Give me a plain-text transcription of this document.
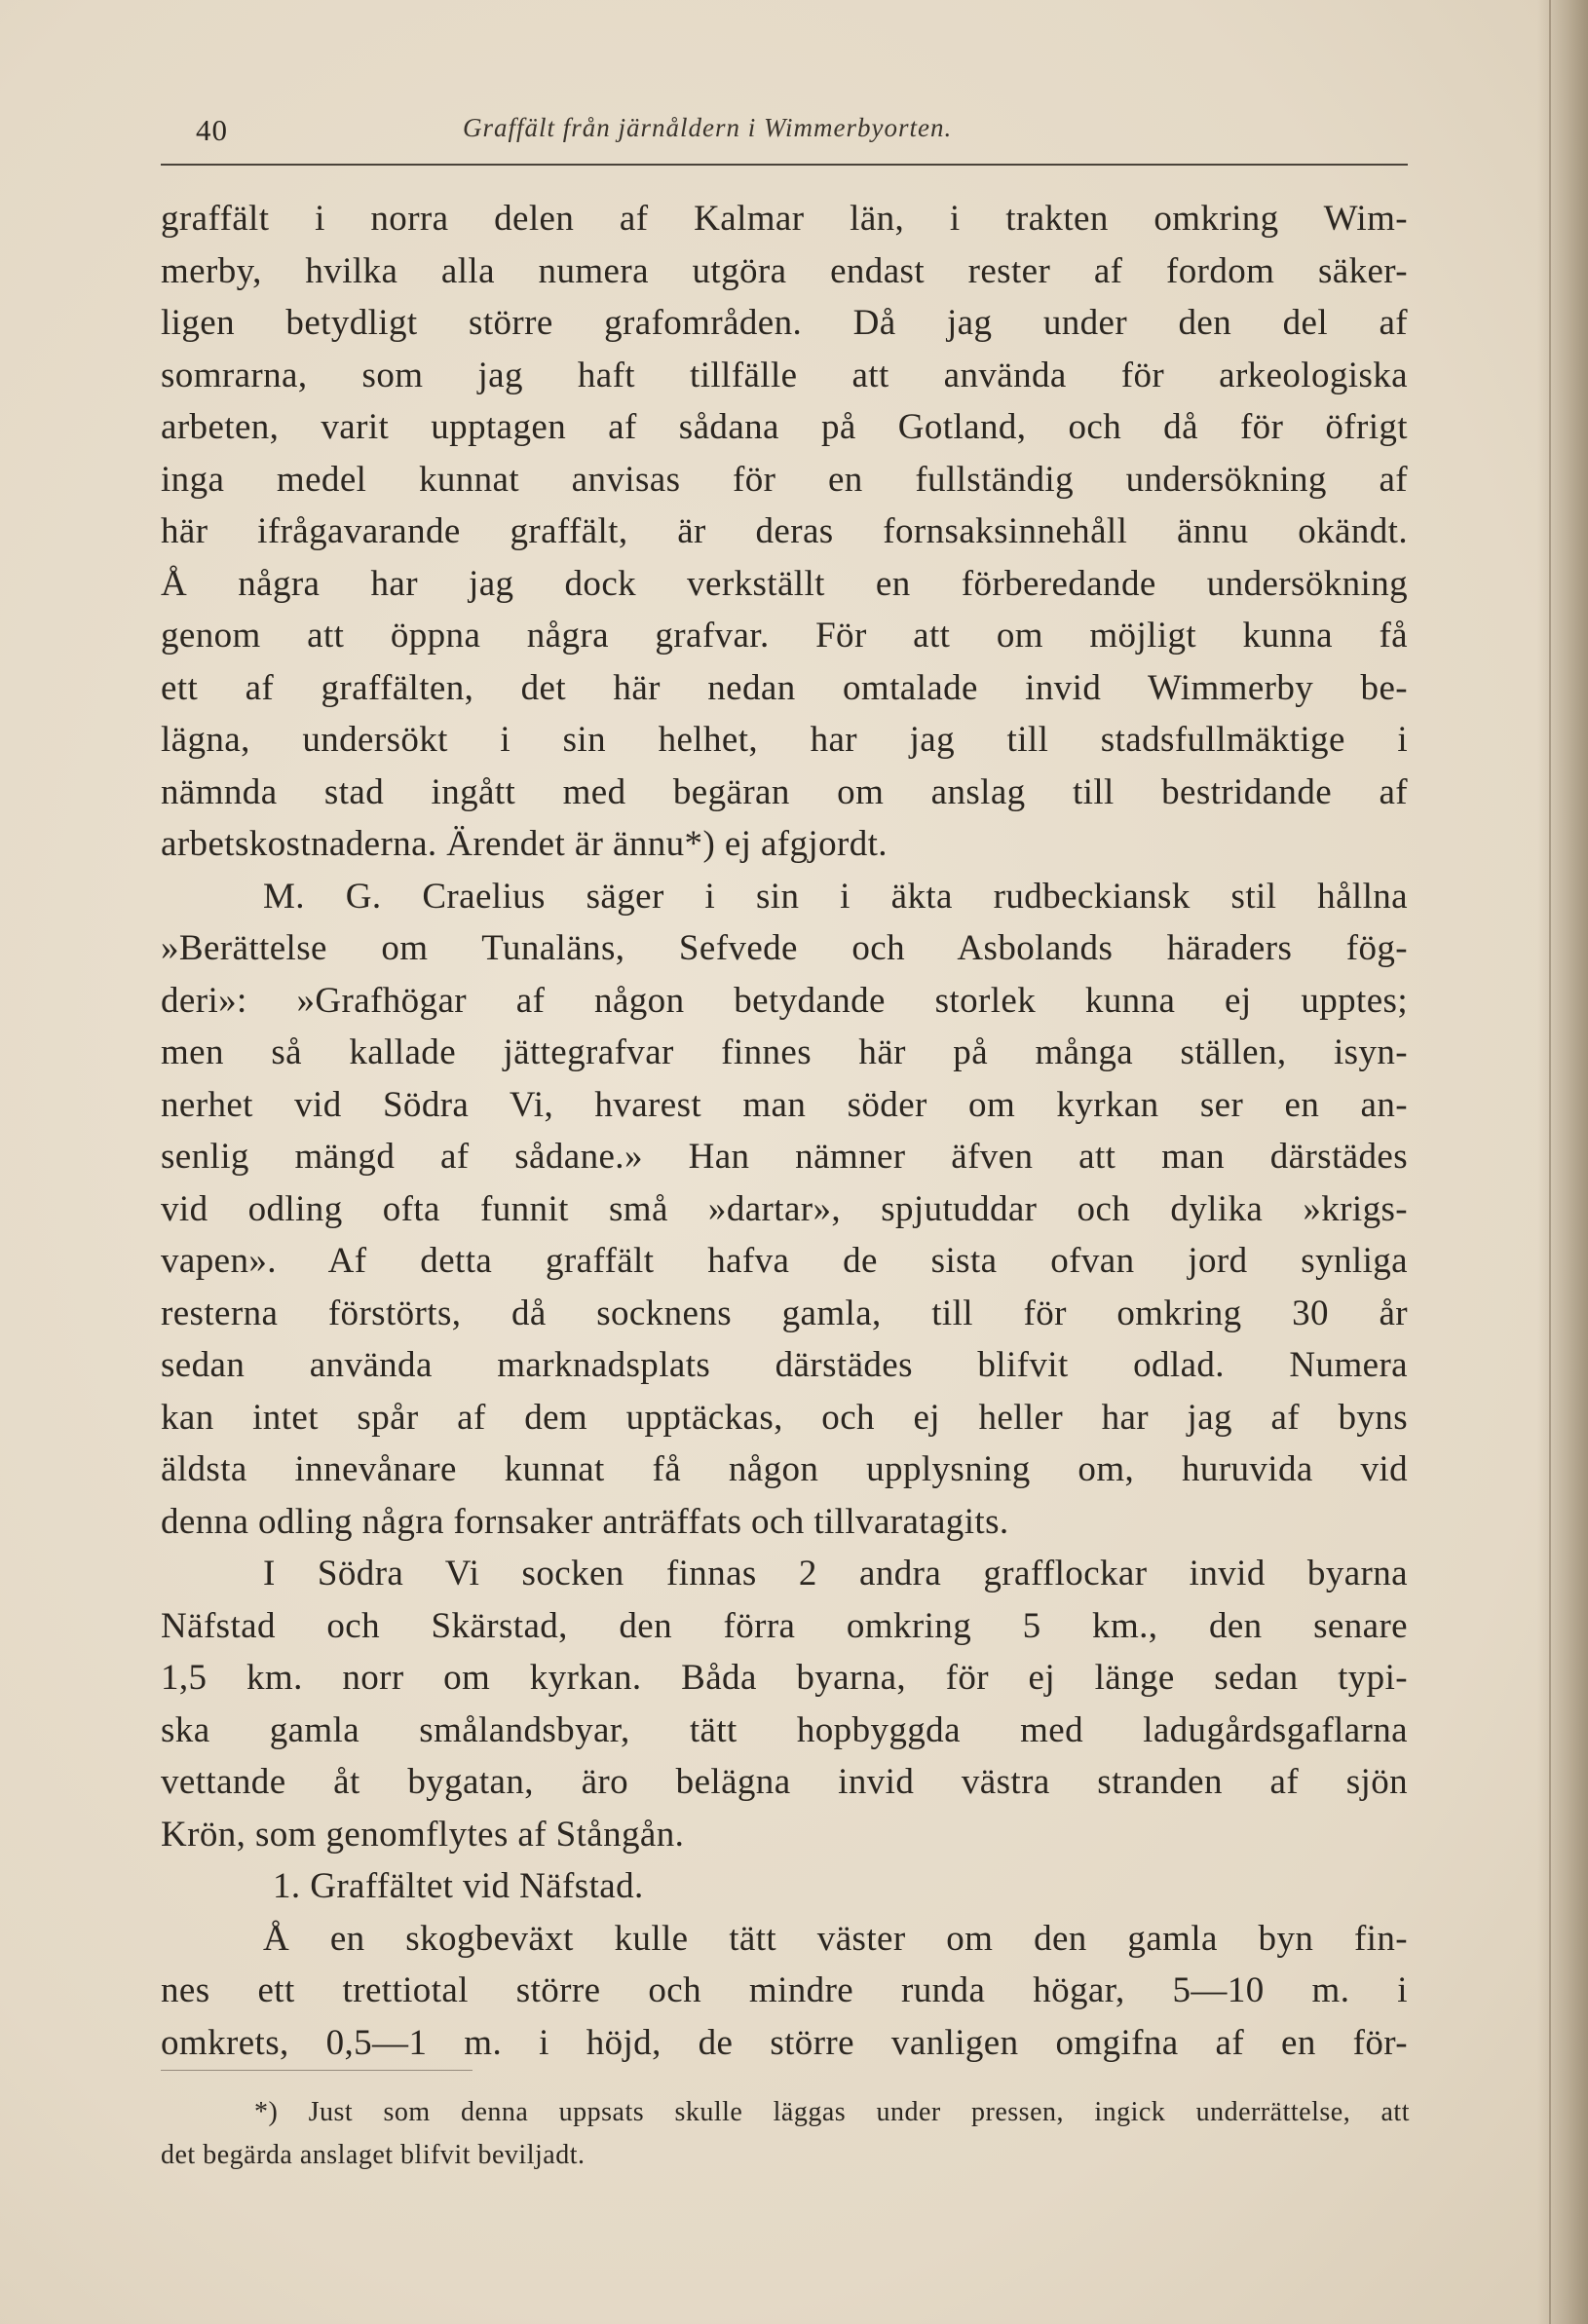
40	Graffält från järnåldern i Wimmerbyorten.
graffält i norra delen af Kalmar län, i trakten omkring Wim-
merby, hvilka alla numera utgöra endast rester af fordom säker-
ligen betydligt större grafområden. Då jag under den del af
somrarna, som jag haft tillfälle att använda för arkeologiska
arbeten, varit upptagen af sådana på Gotland, och då för öfrigt
inga medel kunnat anvisas för en fullständig undersökning af
här ifrågavarande graffält, är deras fornsaksinnehåll ännu okändt.
Å några har jag dock verkställt en förberedande undersökning
genom att öppna några grafvar. För att om möjligt kunna få
ett af graffälten, det här nedan omtalade invid Wimmerby be-
lägna, undersökt i sin helhet, har jag till stadsfullmäktige i
nämnda stad ingått med begäran om anslag till bestridande af
arbetskostnaderna. Ärendet är ännu*) ej afgjordt.
M. G. Craelius säger i sin i äkta rudbeckiansk stil hållna
»Berättelse om Tunaläns, Sefvede och Asbolands häraders fög-
deri»: »Grafhögar af någon betydande storlek kunna ej upptes;
men så kallade jättegrafvar finnes här på många ställen, isyn-
nerhet vid Södra Vi, hvarest man söder om kyrkan ser en an-
senlig mängd af sådane.» Han nämner äfven att man därstädes
vid odling ofta funnit små »dartar», spjutuddar och dylika »krigs-
vapen». Af detta graffält hafva de sista ofvan jord synliga
resterna förstörts, då socknens gamla, till för omkring 30 år
sedan använda marknadsplats därstädes blifvit odlad. Numera
kan intet spår af dem upptäckas, och ej heller har jag af byns
äldsta innevånare kunnat få någon upplysning om, huruvida vid
denna odling några fornsaker anträffats och tillvaratagits.
I Södra Vi socken finnas 2 andra grafflockar invid byarna
Näfstad och Skärstad, den förra omkring 5 km., den senare
1,5 km. norr om kyrkan. Båda byarna, för ej länge sedan typi-
ska gamla smålandsbyar, tätt hopbyggda med ladugårdsgaflarna
vettande åt bygatan, äro belägna invid västra stranden af sjön
Krön, som genomflytes af Stångån.
1. Graffältet vid Näfstad.
Å en skogbeväxt kulle tätt väster om den gamla byn fin-
nes ett trettiotal större och mindre runda högar, 5—10 m. i
omkrets, 0,5—1 m. i höjd, de större vanligen omgifna af en för-
*) Just som denna uppsats skulle läggas under pressen, ingick underrättelse, att
det begärda anslaget blifvit beviljadt.
